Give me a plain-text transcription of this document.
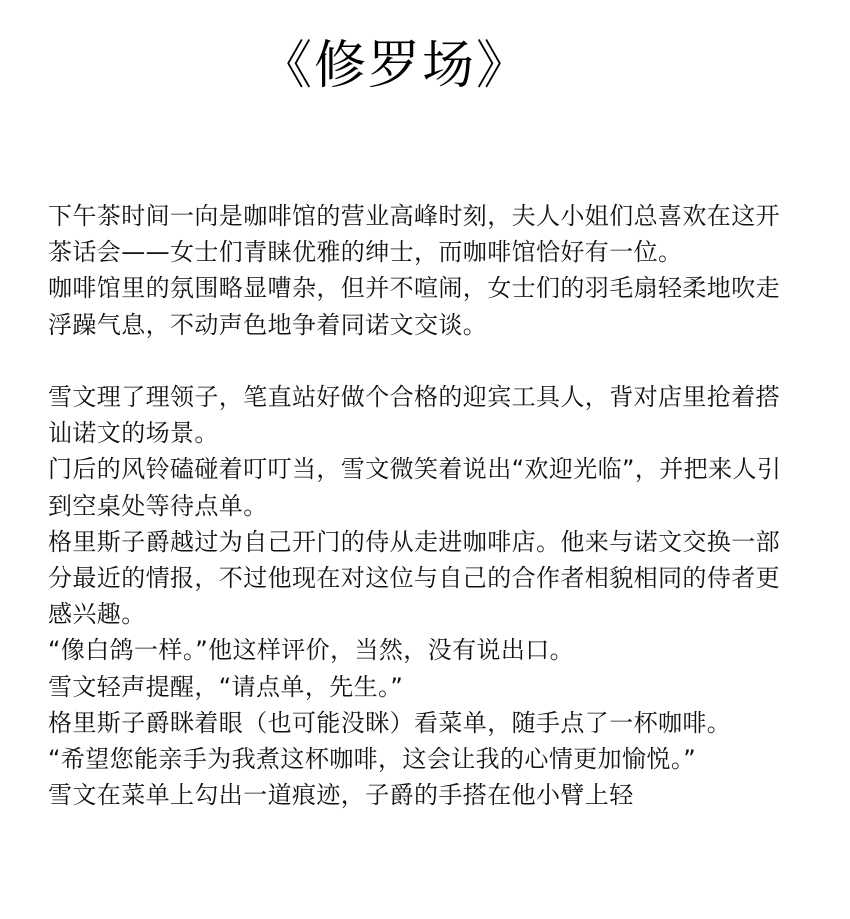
《修罗场》

下午茶时间一向是咖啡馆的营业高峰时刻，夫人小姐们总喜欢在这开茶话会——女士们青睐优雅的绅士，而咖啡馆恰好有一位。

咖啡馆里的氛围略显嘈杂，但并不喧闹，女士们的羽毛扇轻柔地吹走浮躁气息，不动声色地争着同诺文交谈。

雪文理了理领子，笔直站好做个合格的迎宾工具人，背对店里抢着搭讪诺文的场景。

门后的风铃磕碰着叮叮当，雪文微笑着说出“欢迎光临”，并把来人引到空桌处等待点单。

格里斯子爵越过为自己开门的侍从走进咖啡店。他来与诺文交换一部分最近的情报，不过他现在对这位与自己的合作者相貌相同的侍者更感兴趣。

“像白鸽一样。”他这样评价，当然，没有说出口。

雪文轻声提醒，“请点单，先生。”

格里斯子爵眯着眼（也可能没眯）看菜单，随手点了一杯咖啡。

“希望您能亲手为我煮这杯咖啡，这会让我的心情更加愉悦。”

雪文在菜单上勾出一道痕迹，子爵的手搭在他小臂上轻
